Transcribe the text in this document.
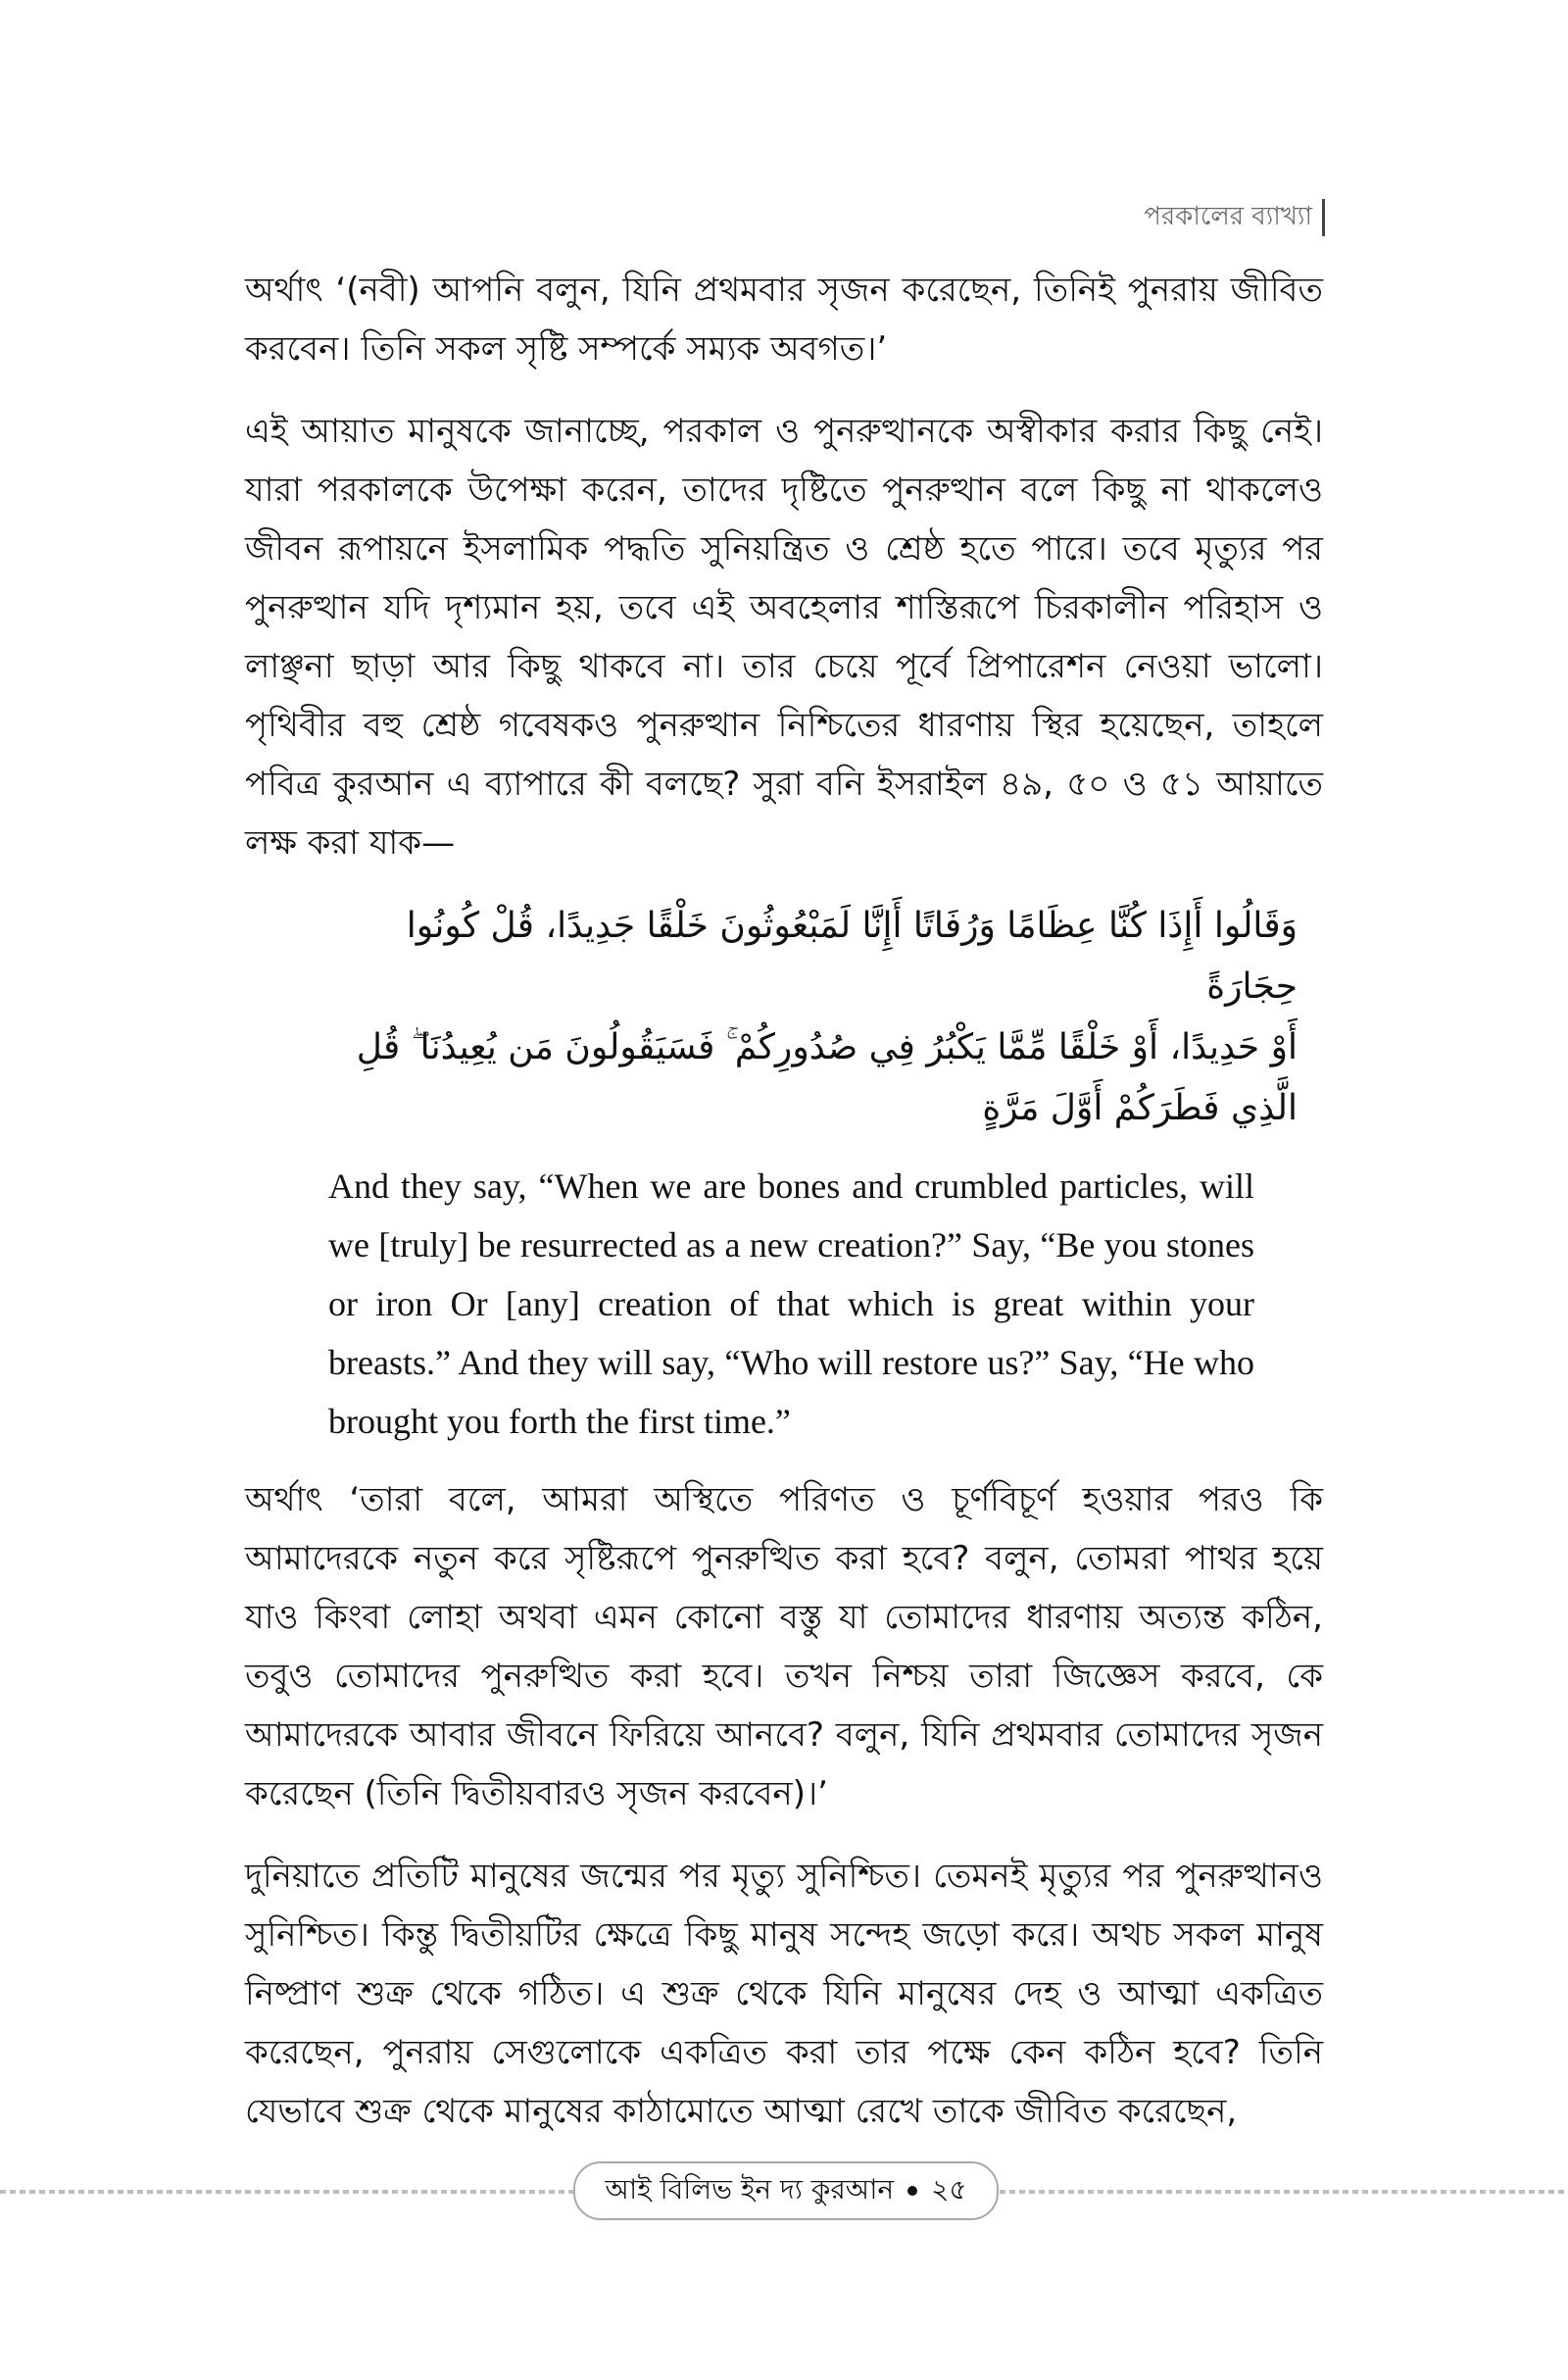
পরকালের ব্যাখ্যা

অর্থাৎ ‘(নবী) আপনি বলুন, যিনি প্রথমবার সৃজন করেছেন, তিনিই পুনরায় জীবিত করবেন। তিনি সকল সৃষ্টি সম্পর্কে সম্যক অবগত।’

এই আয়াত মানুষকে জানাচ্ছে, পরকাল ও পুনরুত্থানকে অস্বীকার করার কিছু নেই। যারা পরকালকে উপেক্ষা করেন, তাদের দৃষ্টিতে পুনরুত্থান বলে কিছু না থাকলেও জীবন রূপায়নে ইসলামিক পদ্ধতি সুনিয়ন্ত্রিত ও শ্রেষ্ঠ হতে পারে। তবে মৃত্যুর পর পুনরুত্থান যদি দৃশ্যমান হয়, তবে এই অবহেলার শাস্তিরূপে চিরকালীন পরিহাস ও লাঞ্ছনা ছাড়া আর কিছু থাকবে না। তার চেয়ে পূর্বে প্রিপারেশন নেওয়া ভালো। পৃথিবীর বহু শ্রেষ্ঠ গবেষকও পুনরুত্থান নিশ্চিতের ধারণায় স্থির হয়েছেন, তাহলে পবিত্র কুরআন এ ব্যাপারে কী বলছে? সুরা বনি ইসরাইল ৪৯, ৫০ ও ৫১ আয়াতে লক্ষ করা যাক—

وَقَالُوا أَإِذَا كُنَّا عِظَامًا وَرُفَاتًا أَإِنَّا لَمَبْعُوثُونَ خَلْقًا جَدِيدًا، قُلْ كُونُوا حِجَارَةً
أَوْ حَدِيدًا، أَوْ خَلْقًا مِّمَّا يَكْبُرُ فِي صُدُورِكُمْ ۚ فَسَيَقُولُونَ مَن يُعِيدُنَا ۖ قُلِ
الَّذِي فَطَرَكُمْ أَوَّلَ مَرَّةٍ

And they say, “When we are bones and crumbled particles, will we [truly] be resurrected as a new creation?” Say, “Be you stones or iron Or [any] creation of that which is great within your breasts.” And they will say, “Who will restore us?” Say, “He who brought you forth the first time.”

অর্থাৎ ‘তারা বলে, আমরা অস্থিতে পরিণত ও চূর্ণবিচূর্ণ হওয়ার পরও কি আমাদেরকে নতুন করে সৃষ্টিরূপে পুনরুত্থিত করা হবে? বলুন, তোমরা পাথর হয়ে যাও কিংবা লোহা অথবা এমন কোনো বস্তু যা তোমাদের ধারণায় অত্যন্ত কঠিন, তবুও তোমাদের পুনরুত্থিত করা হবে। তখন নিশ্চয় তারা জিজ্ঞেস করবে, কে আমাদেরকে আবার জীবনে ফিরিয়ে আনবে? বলুন, যিনি প্রথমবার তোমাদের সৃজন করেছেন (তিনি দ্বিতীয়বারও সৃজন করবেন)।’

দুনিয়াতে প্রতিটি মানুষের জন্মের পর মৃত্যু সুনিশ্চিত। তেমনই মৃত্যুর পর পুনরুত্থানও সুনিশ্চিত। কিন্তু দ্বিতীয়টির ক্ষেত্রে কিছু মানুষ সন্দেহ জড়ো করে। অথচ সকল মানুষ নিষ্প্রাণ শুক্র থেকে গঠিত। এ শুক্র থেকে যিনি মানুষের দেহ ও আত্মা একত্রিত করেছেন, পুনরায় সেগুলোকে একত্রিত করা তার পক্ষে কেন কঠিন হবে? তিনি যেভাবে শুক্র থেকে মানুষের কাঠামোতে আত্মা রেখে তাকে জীবিত করেছেন,

আই বিলিভ ইন দ্য কুরআন ২৫
